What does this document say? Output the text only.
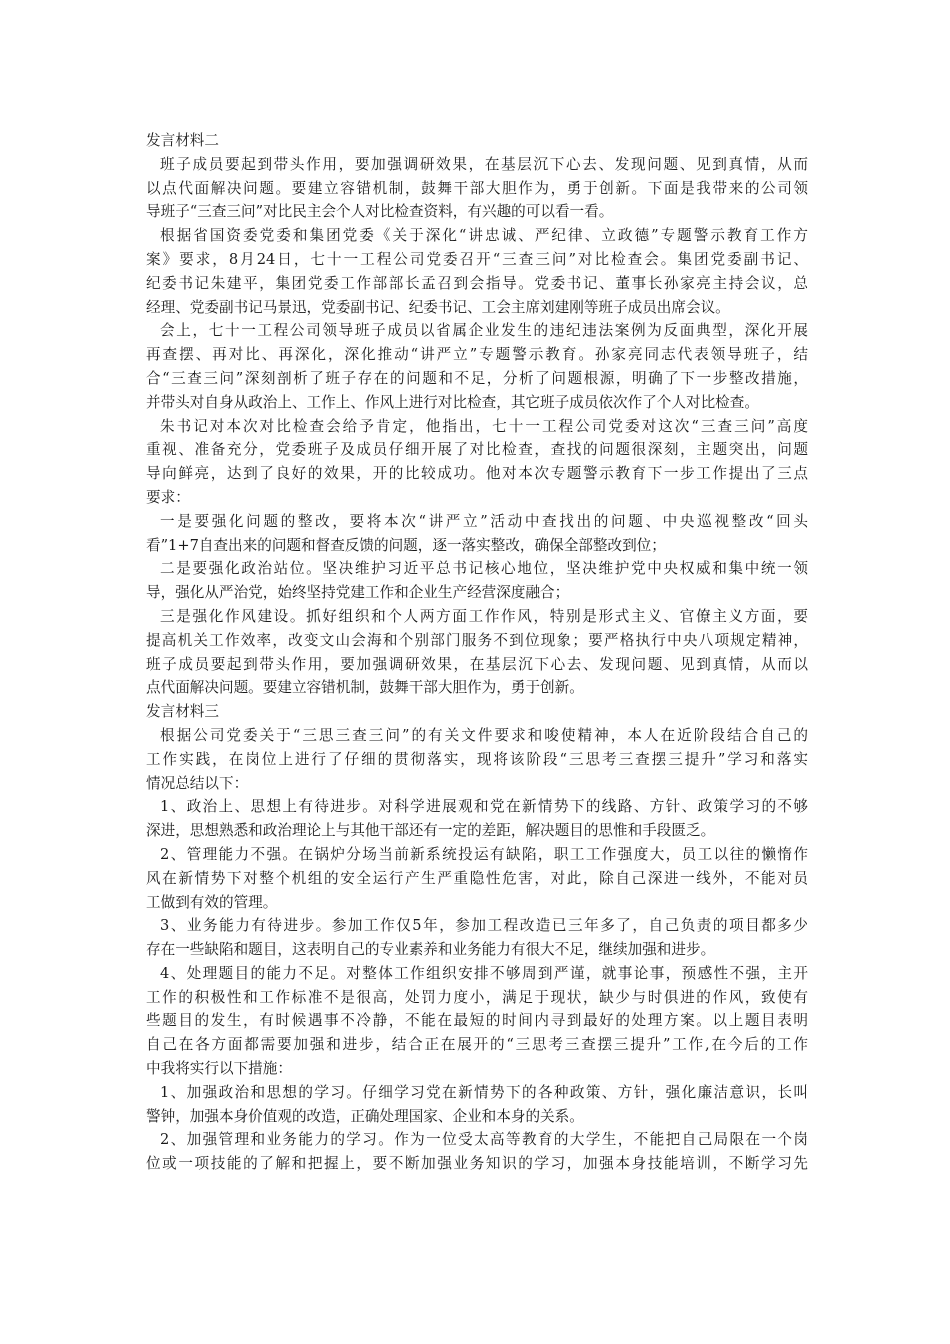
发言材料二
班子成员要起到带头作用，要加强调研效果，在基层沉下心去、发现问题、见到真情，从而
以点代面解决问题。要建立容错机制，鼓舞干部大胆作为，勇于创新。下面是我带来的公司领
导班子“三查三问”对比民主会个人对比检查资料，有兴趣的可以看一看。
根据省国资委党委和集团党委《关于深化“讲忠诚、严纪律、立政德”专题警示教育工作方
案》要求，8月24日，七十一工程公司党委召开“三查三问”对比检查会。集团党委副书记、
纪委书记朱建平，集团党委工作部部长孟召到会指导。党委书记、董事长孙家亮主持会议，总
经理、党委副书记马景迅，党委副书记、纪委书记、工会主席刘建刚等班子成员出席会议。
会上，七十一工程公司领导班子成员以省属企业发生的违纪违法案例为反面典型，深化开展
再查摆、再对比、再深化，深化推动“讲严立”专题警示教育。孙家亮同志代表领导班子，结
合“三查三问”深刻剖析了班子存在的问题和不足，分析了问题根源，明确了下一步整改措施，
并带头对自身从政治上、工作上、作风上进行对比检查，其它班子成员依次作了个人对比检查。
朱书记对本次对比检查会给予肯定，他指出，七十一工程公司党委对这次“三查三问”高度
重视、准备充分，党委班子及成员仔细开展了对比检查，查找的问题很深刻，主题突出，问题
导向鲜亮，达到了良好的效果，开的比较成功。他对本次专题警示教育下一步工作提出了三点
要求：
一是要强化问题的整改，要将本次“讲严立”活动中查找出的问题、中央巡视整改“回头
看”1+7自查出来的问题和督查反馈的问题，逐一落实整改，确保全部整改到位；
二是要强化政治站位。坚决维护习近平总书记核心地位，坚决维护党中央权威和集中统一领
导，强化从严治党，始终坚持党建工作和企业生产经营深度融合；
三是强化作风建设。抓好组织和个人两方面工作作风，特别是形式主义、官僚主义方面，要
提高机关工作效率，改变文山会海和个别部门服务不到位现象；要严格执行中央八项规定精神，
班子成员要起到带头作用，要加强调研效果，在基层沉下心去、发现问题、见到真情，从而以
点代面解决问题。要建立容错机制，鼓舞干部大胆作为，勇于创新。
发言材料三
根据公司党委关于“三思三查三问”的有关文件要求和唆使精神，本人在近阶段结合自己的
工作实践，在岗位上进行了仔细的贯彻落实，现将该阶段“三思考三查摆三提升”学习和落实
情况总结以下：
1、政治上、思想上有待进步。对科学进展观和党在新情势下的线路、方针、政策学习的不够
深进，思想熟悉和政治理论上与其他干部还有一定的差距，解决题目的思惟和手段匮乏。
2、管理能力不强。在锅炉分场当前新系统投运有缺陷，职工工作强度大，员工以往的懒惰作
风在新情势下对整个机组的安全运行产生严重隐性危害，对此，除自己深进一线外，不能对员
工做到有效的管理。
3、业务能力有待进步。参加工作仅5年，参加工程改造已三年多了，自己负责的项目都多少
存在一些缺陷和题目，这表明自己的专业素养和业务能力有很大不足，继续加强和进步。
4、处理题目的能力不足。对整体工作组织安排不够周到严谨，就事论事，预感性不强，主开
工作的积极性和工作标准不是很高，处罚力度小，满足于现状，缺少与时俱进的作风，致使有
些题目的发生，有时候遇事不冷静，不能在最短的时间内寻到最好的处理方案。以上题目表明
自己在各方面都需要加强和进步，结合正在展开的“三思考三查摆三提升”工作,在今后的工作
中我将实行以下措施：
1、加强政治和思想的学习。仔细学习党在新情势下的各种政策、方针，强化廉洁意识，长叫
警钟，加强本身价值观的改造，正确处理国家、企业和本身的关系。
2、加强管理和业务能力的学习。作为一位受太高等教育的大学生，不能把自己局限在一个岗
位或一项技能的了解和把握上，要不断加强业务知识的学习，加强本身技能培训，不断学习先
